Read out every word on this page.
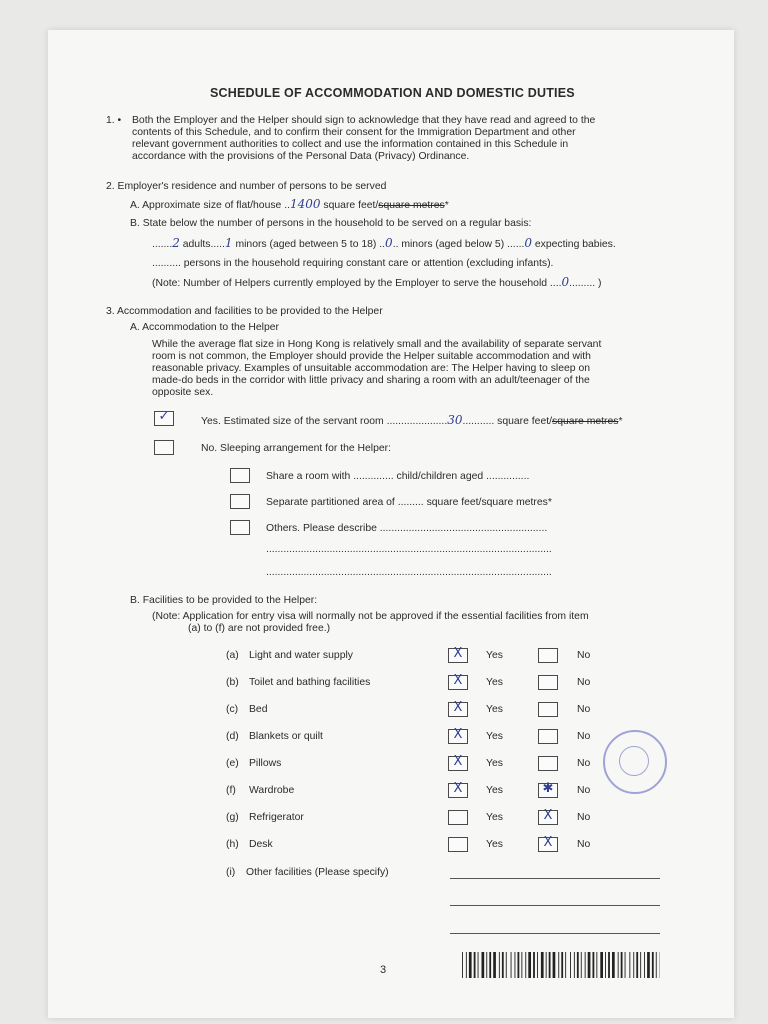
SCHEDULE OF ACCOMMODATION AND DOMESTIC DUTIES
1. • Both the Employer and the Helper should sign to acknowledge that they have read and agreed to the
contents of this Schedule, and to confirm their consent for the Immigration Department and other
relevant government authorities to collect and use the information contained in this Schedule in
accordance with the provisions of the Personal Data (Privacy) Ordinance.
2. Employer's residence and number of persons to be served
A. Approximate size of flat/house ..1400 square feet/square metres*
B. State below the number of persons in the household to be served on a regular basis:
.......2 adults.....1 minors (aged between 5 to 18) ..0.. minors (aged below 5) ......0 expecting babies.
.......... persons in the household requiring constant care or attention (excluding infants).
(Note: Number of Helpers currently employed by the Employer to serve the household ....0......... )
3. Accommodation and facilities to be provided to the Helper
A. Accommodation to the Helper
While the average flat size in Hong Kong is relatively small and the availability of separate servant
room is not common, the Employer should provide the Helper suitable accommodation and with
reasonable privacy. Examples of unsuitable accommodation are: The Helper having to sleep on
made-do beds in the corridor with little privacy and sharing a room with an adult/teenager of the
opposite sex.
✓	Yes. Estimated size of the servant room .....................30........... square feet/square metres*
No. Sleeping arrangement for the Helper:
Share a room with .............. child/children aged ...............
Separate partitioned area of ......... square feet/square metres*
Others. Please describe ..........................................................
...................................................................................................
...................................................................................................
B. Facilities to be provided to the Helper:
(Note: Application for entry visa will normally not be approved if the essential facilities from item
(a) to (f) are not provided free.)
(a) Light and water supply	X	Yes	No
(b) Toilet and bathing facilities	X	Yes	No
(c) Bed	X	Yes	No
(d) Blankets or quilt	X	Yes	No
(e) Pillows	X	Yes	No
(f) Wardrobe	X	Yes	✱	No
(g) Refrigerator	Yes	X	No
(h) Desk	Yes	X	No
(i) Other facilities (Please specify)
3
